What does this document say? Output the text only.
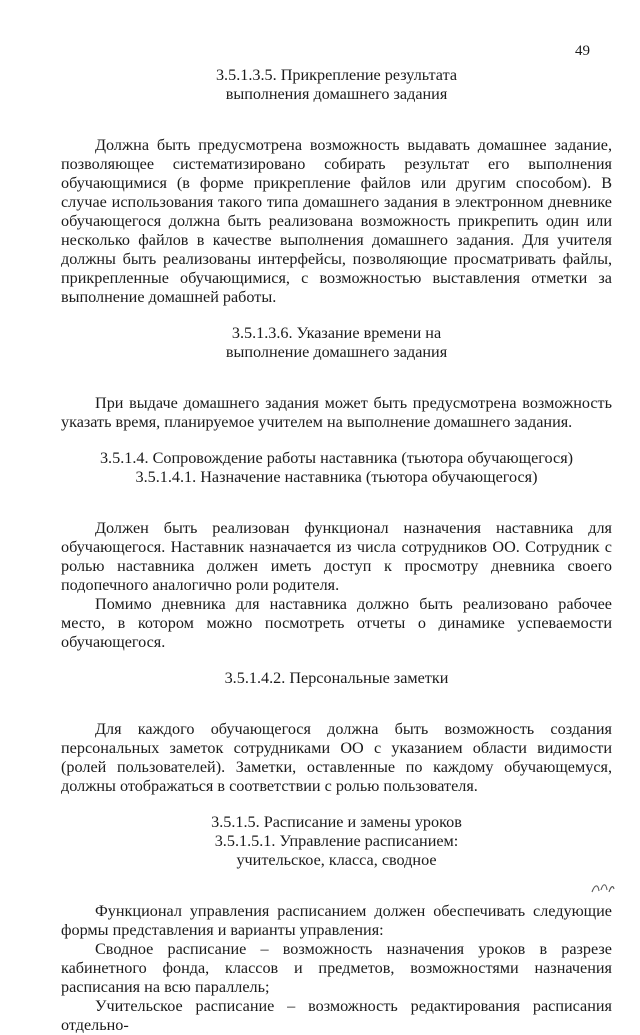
49
3.5.1.3.5. Прикрепление результата
выполнения домашнего задания

Должна быть предусмотрена возможность выдавать домашнее задание, позволяющее систематизировано собирать результат его выполнения обучающимися (в форме прикрепление файлов или другим способом). В случае использования такого типа домашнего задания в электронном дневнике обучающегося должна быть реализована возможность прикрепить один или несколько файлов в качестве выполнения домашнего задания. Для учителя должны быть реализованы интерфейсы, позволяющие просматривать файлы, прикрепленные обучающимися, с возможностью выставления отметки за выполнение домашней работы.

3.5.1.3.6. Указание времени на
выполнение домашнего задания

При выдаче домашнего задания может быть предусмотрена возможность указать время, планируемое учителем на выполнение домашнего задания.

3.5.1.4. Сопровождение работы наставника (тьютора обучающегося)
3.5.1.4.1. Назначение наставника (тьютора обучающегося)

Должен быть реализован функционал назначения наставника для обучающегося. Наставник назначается из числа сотрудников ОО. Сотрудник с ролью наставника должен иметь доступ к просмотру дневника своего подопечного аналогично роли родителя.

Помимо дневника для наставника должно быть реализовано рабочее место, в котором можно посмотреть отчеты о динамике успеваемости обучающегося.

3.5.1.4.2. Персональные заметки

Для каждого обучающегося должна быть возможность создания персональных заметок сотрудниками ОО с указанием области видимости (ролей пользователей). Заметки, оставленные по каждому обучающемуся, должны отображаться в соответствии с ролью пользователя.

3.5.1.5. Расписание и замены уроков
3.5.1.5.1. Управление расписанием:
учительское, класса, сводное

Функционал управления расписанием должен обеспечивать следующие формы представления и варианты управления:

Сводное расписание – возможность назначения уроков в разрезе кабинетного фонда, классов и предметов, возможностями назначения расписания на всю параллель;

Учительское расписание – возможность редактирования расписания отдельно-
